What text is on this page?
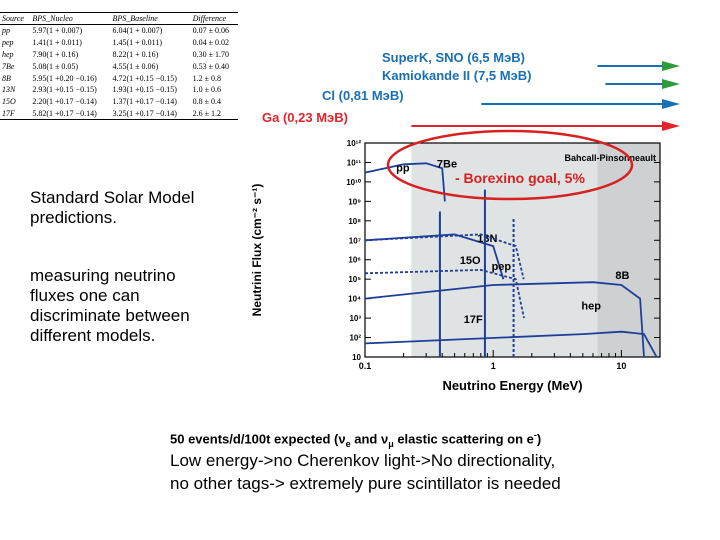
Source	BPS_Nucleo	BPS_Baseline	Difference
pp	5.97(1 + 0.007)	6.04(1 + 0.007)	0.07 ± 0.06
pep	1.41(1 + 0.011)	1.45(1 + 0.011)	0.04 ± 0.02
hep	7.90(1 + 0.16)	8.22(1 + 0.16)	0.30 ± 1.70
7Be	5.08(1 ± 0.05)	4.55(1 ± 0.06)	0.53 ± 0.40
8B	5.95(1 +0.20 −0.16)	4.72(1 +0.15 −0.15)	1.2 ± 0.8
13N	2.93(1 +0.15 −0.15)	1.93(1 +0.15 −0.15)	1.0 ± 0.6
15O	2.20(1 +0.17 −0.14)	1.37(1 +0.17 −0.14)	0.8 ± 0.4
17F	5.82(1 +0.17 −0.14)	3.25(1 +0.17 −0.14)	2.6 ± 1.2
Standard Solar Model predictions.
measuring neutrino fluxes one can discriminate between different models.
SuperK, SNO (6,5 МэВ)
Kamiokande II (7,5 МэВ)
Cl (0,81 МэВ)
Ga (0,23 МэВ)
10
10²
10³
10⁴
10⁵
10⁶
10⁷
10⁸
10⁹
10¹⁰
10¹¹
10¹²
0.1	1	10
Neutrino Energy (MeV)
Neutrini Flux (cm⁻² s⁻¹)
Bahcall-Pinsonneault
pp
13N
15O
17F
8B
hep
7Be
pep
- Borexino goal, 5%
50 events/d/100t expected ($\nu_e$ and $\nu_\mu$ elastic scattering on e-)
Low energy->no Cherenkov light->No directionality,
no other tags-> extremely pure scintillator is needed
